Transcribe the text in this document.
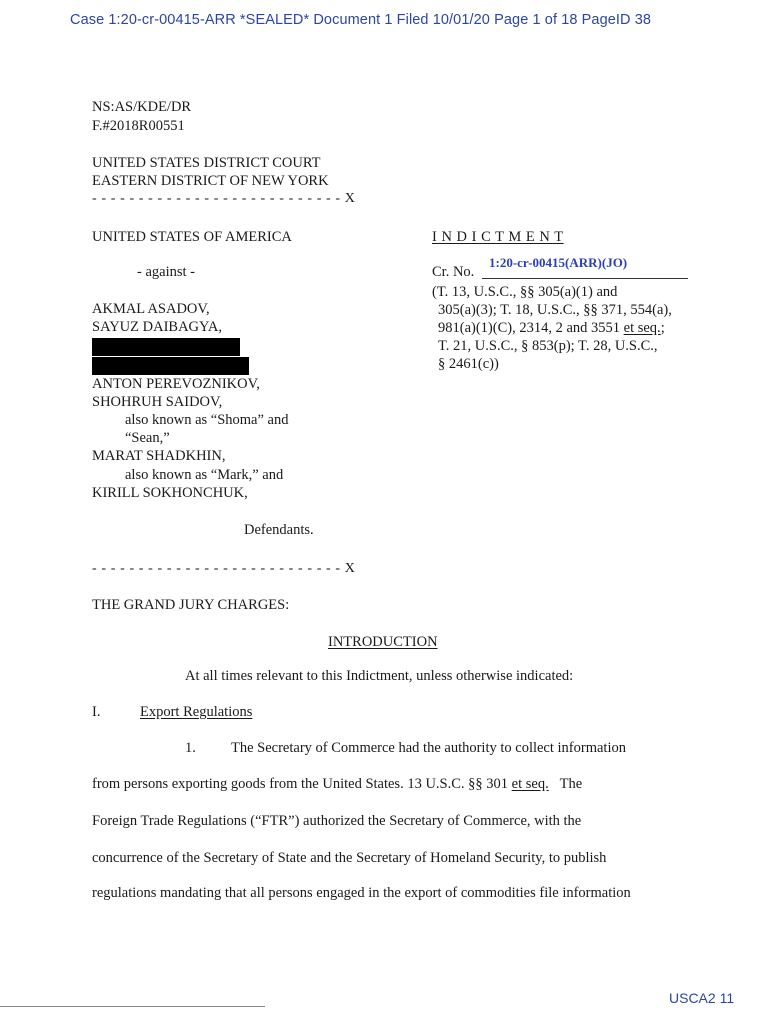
Case 1:20-cr-00415-ARR *SEALED* Document 1 Filed 10/01/20 Page 1 of 18 PageID 38
NS:AS/KDE/DR
F.#2018R00551
UNITED STATES DISTRICT COURT
EASTERN DISTRICT OF NEW YORK
- - - - - - - - - - - - - - - - - - - - - - - - - - - X
UNITED STATES OF AMERICA
- against -
AKMAL ASADOV,
SAYUZ DAIBAGYA,
ANTON PEREVOZNIKOV,
SHOHRUH SAIDOV,
also known as “Shoma” and
“Sean,”
MARAT SHADKHIN,
also known as “Mark,” and
KIRILL SOKHONCHUK,
Defendants.
- - - - - - - - - - - - - - - - - - - - - - - - - - - X
I N D I C T M E N T
1:20-cr-00415(ARR)(JO)
Cr. No.
(T. 13, U.S.C., §§ 305(a)(1) and
305(a)(3); T. 18, U.S.C., §§ 371, 554(a),
981(a)(1)(C), 2314, 2 and 3551 et seq.;
T. 21, U.S.C., § 853(p); T. 28, U.S.C.,
§ 2461(c))
THE GRAND JURY CHARGES:
INTRODUCTION
At all times relevant to this Indictment, unless otherwise indicated:
I.	Export Regulations
1. The Secretary of Commerce had the authority to collect information
from persons exporting goods from the United States. 13 U.S.C. §§ 301 et seq. The
Foreign Trade Regulations (“FTR”) authorized the Secretary of Commerce, with the
concurrence of the Secretary of State and the Secretary of Homeland Security, to publish
regulations mandating that all persons engaged in the export of commodities file information
USCA2 11
